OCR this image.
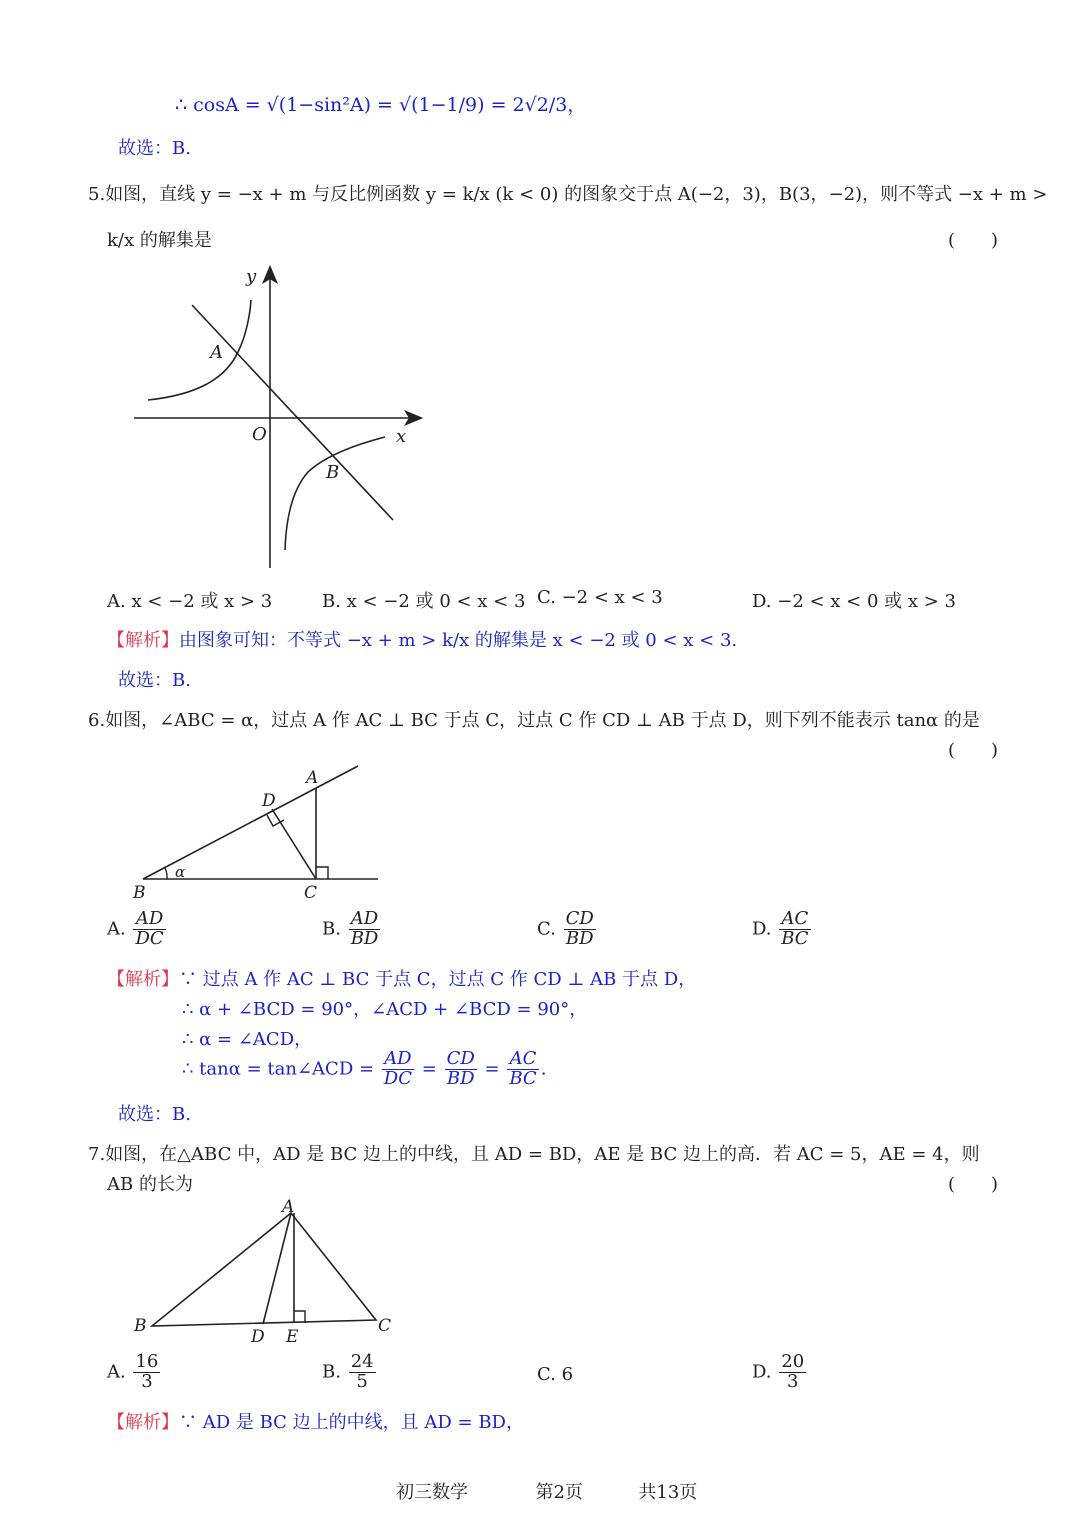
∴ cosA = √(1−sin²A) = √(1−1/9) = 2√2/3，
故选：B.
5.如图，直线 y = −x + m 与反比例函数 y = k/x (k < 0) 的图象交于点 A(−2，3)，B(3，−2)，则不等式 −x + m >
k/x 的解集是	(　　)
y
x
O
A
B
A. x < −2 或 x > 3	B. x < −2 或 0 < x < 3 C. −2 < x < 3	D. −2 < x < 0 或 x > 3
【解析】由图象可知：不等式 −x + m > k/x 的解集是 x < −2 或 0 < x < 3.
故选：B.
6.如图，∠ABC = α，过点 A 作 AC ⊥ BC 于点 C，过点 C 作 CD ⊥ AB 于点 D，则下列不能表示 tanα 的是
(　　)
A
D
B	C
α
A. $\frac{AD}{DC}$	B. $\frac{AD}{BD}$	C. $\frac{CD}{BD}$	D. $\frac{AC}{BC}$
【解析】∵ 过点 A 作 AC ⊥ BC 于点 C，过点 C 作 CD ⊥ AB 于点 D，
∴ α + ∠BCD = 90°，∠ACD + ∠BCD = 90°，
∴ α = ∠ACD，
∴ tanα = tan∠ACD = $\frac{AD}{DC} = \frac{CD}{BD} = \frac{AC}{BC}$ .
故选：B.
7.如图，在△ABC 中，AD 是 BC 边上的中线，且 AD = BD，AE 是 BC 边上的高．若 AC = 5，AE = 4，则
AB 的长为	(　　)
A
B	C
D E
A. $\frac{16}{3}$	B. $\frac{24}{5}$	C. 6	D. $\frac{20}{3}$
【解析】∵ AD 是 BC 边上的中线，且 AD = BD，
初三数学	第2页	共13页
